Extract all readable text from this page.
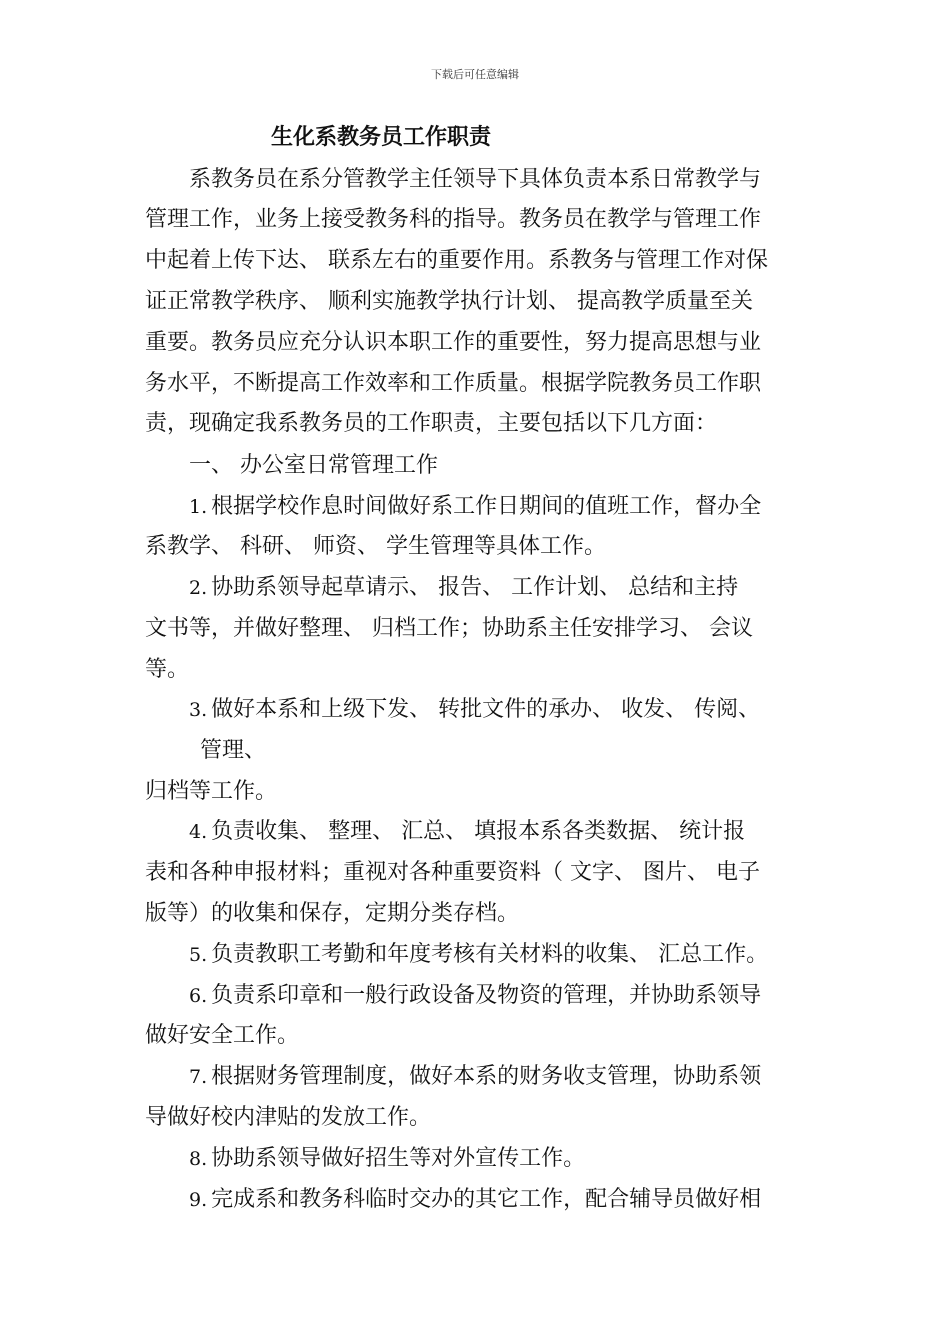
下载后可任意编辑
生化系教务员工作职责
系教务员在系分管教学主任领导下具体负责本系日常教学与
管理工作，业务上接受教务科的指导。教务员在教学与管理工作
中起着上传下达、 联系左右的重要作用。系教务与管理工作对保
证正常教学秩序、 顺利实施教学执行计划、 提高教学质量至关
重要。教务员应充分认识本职工作的重要性，努力提高思想与业
务水平，不断提高工作效率和工作质量。根据学院教务员工作职
责，现确定我系教务员的工作职责，主要包括以下几方面：
一、 办公室日常管理工作
1. 根据学校作息时间做好系工作日期间的值班工作，督办全
系教学、 科研、 师资、 学生管理等具体工作。
2. 协助系领导起草请示、 报告、 工作计划、 总结和主持
文书等，并做好整理、 归档工作；协助系主任安排学习、 会议
等。
3. 做好本系和上级下发、 转批文件的承办、 收发、 传阅、
管理、
归档等工作。
4. 负责收集、 整理、 汇总、 填报本系各类数据、 统计报
表和各种申报材料；重视对各种重要资料（ 文字、 图片、 电子
版等）的收集和保存，定期分类存档。
5. 负责教职工考勤和年度考核有关材料的收集、 汇总工作。
6. 负责系印章和一般行政设备及物资的管理，并协助系领导
做好安全工作。
7. 根据财务管理制度，做好本系的财务收支管理，协助系领
导做好校内津贴的发放工作。
8. 协助系领导做好招生等对外宣传工作。
9. 完成系和教务科临时交办的其它工作，配合辅导员做好相
